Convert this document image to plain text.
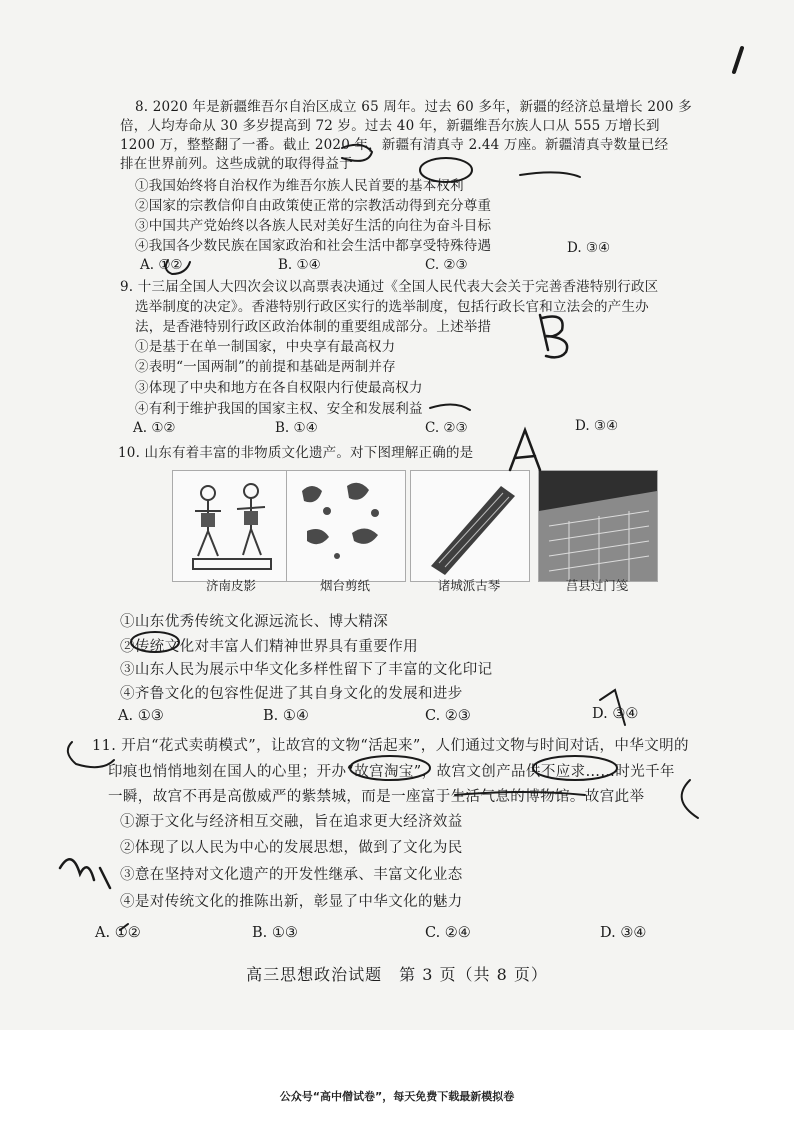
8. 2020 年是新疆维吾尔自治区成立 65 周年。过去 60 多年，新疆的经济总量增长 200 多
倍，人均寿命从 30 多岁提高到 72 岁。过去 40 年，新疆维吾尔族人口从 555 万增长到
1200 万，整整翻了一番。截止 2020 年，新疆有清真寺 2.44 万座。新疆清真寺数量已经
排在世界前列。这些成就的取得得益于
①我国始终将自治权作为维吾尔族人民首要的基本权利
②国家的宗教信仰自由政策使正常的宗教活动得到充分尊重
③中国共产党始终以各族人民对美好生活的向往为奋斗目标
④我国各少数民族在国家政治和社会生活中都享受特殊待遇
A. ①②	B. ①④	C. ②③
D. ③④
9. 十三届全国人大四次会议以高票表决通过《全国人民代表大会关于完善香港特别行政区
选举制度的决定》。香港特别行政区实行的选举制度，包括行政长官和立法会的产生办
法，是香港特别行政区政治体制的重要组成部分。上述举措
①是基于在单一制国家，中央享有最高权力
②表明“一国两制”的前提和基础是两制并存
③体现了中央和地方在各自权限内行使最高权力
④有利于维护我国的国家主权、安全和发展利益
A. ①②	B. ①④	C. ②③	D. ③④
10. 山东有着丰富的非物质文化遗产。对下图理解正确的是
济南皮影	烟台剪纸	诸城派古琴	莒县过门笺
①山东优秀传统文化源远流长、博大精深
②传统文化对丰富人们精神世界具有重要作用
③山东人民为展示中华文化多样性留下了丰富的文化印记
④齐鲁文化的包容性促进了其自身文化的发展和进步
A. ①③	B. ①④	C. ②③	D. ③④
11. 开启“花式卖萌模式”，让故宫的文物“活起来”，人们通过文物与时间对话，中华文明的
印痕也悄悄地刻在国人的心里；开办“故宫淘宝”，故宫文创产品供不应求……时光千年
一瞬，故宫不再是高傲威严的紫禁城，而是一座富于生活气息的博物馆。故宫此举
①源于文化与经济相互交融，旨在追求更大经济效益
②体现了以人民为中心的发展思想，做到了文化为民
③意在坚持对文化遗产的开发性继承、丰富文化业态
④是对传统文化的推陈出新，彰显了中华文化的魅力
A. ①②	B. ①③	C. ②④	D. ③④
高三思想政治试题　第 3 页（共 8 页）
公众号“高中僧试卷”，每天免费下载最新模拟卷
